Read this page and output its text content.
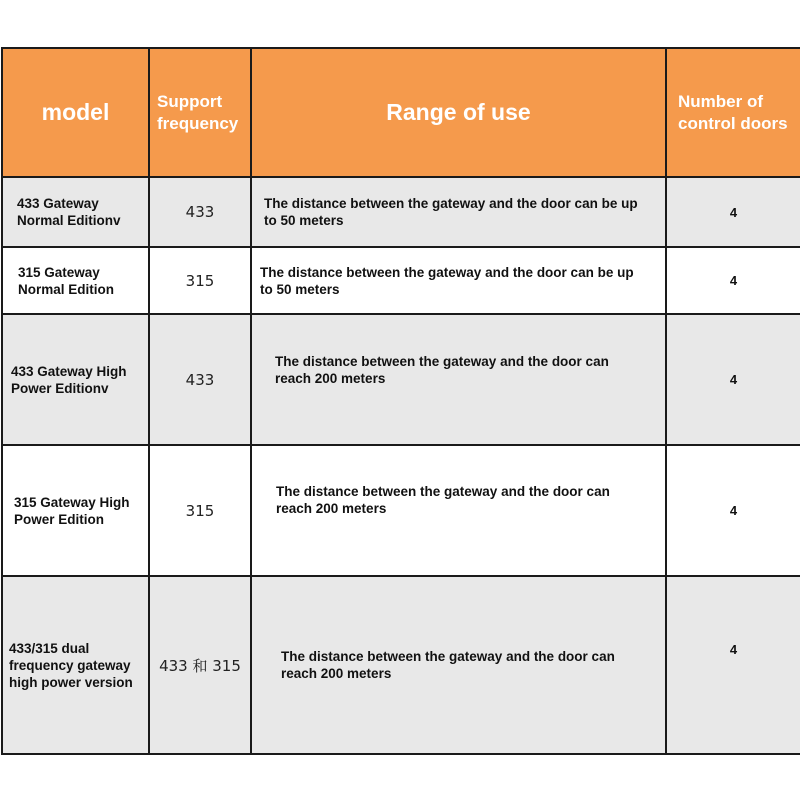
model	Support frequency	Range of use	Number of control doors

433 Gateway Normal Editionv	433	The distance between the gateway and the door can be up to 50 meters	4

315 Gateway Normal Edition	315	The distance between the gateway and the door can be up to 50 meters	4

433 Gateway High Power Editionv	433	The distance between the gateway and the door can reach 200 meters	4

315 Gateway High Power Edition	315	The distance between the gateway and the door can reach 200 meters	4

433/315 dual frequency gateway high power version	433 和 315	The distance between the gateway and the door can reach 200 meters	4
